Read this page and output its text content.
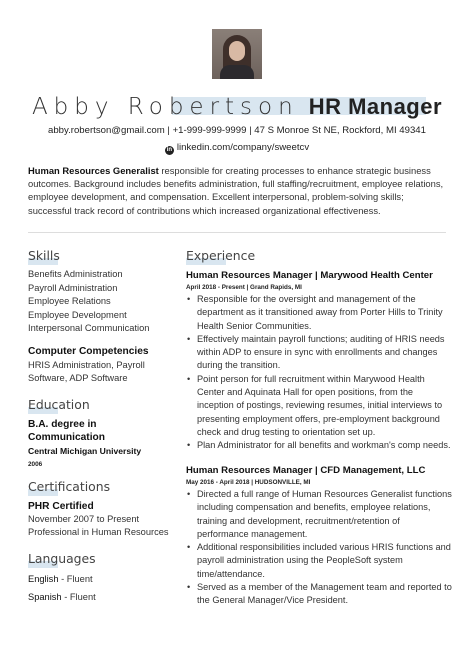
Abby Robertson HR Manager
abby.robertson@gmail.com | +1-999-999-9999 | 47 S Monroe St NE, Rockford, MI 49341
in linkedin.com/company/sweetcv
Human Resources Generalist responsible for creating processes to enhance strategic business outcomes. Background includes benefits administration, full staffing/recruitment, employee relations, employee development, and compensation. Excellent interpersonal, problem-solving skills; successful track record of contributions which increased organizational effectiveness.
Skills
Benefits Administration
Payroll Administration
Employee Relations
Employee Development
Interpersonal Communication
Computer Competencies
HRIS Administration, Payroll
Software, ADP Software
Education
B.A. degree in
Communication
Central Michigan University
2006
Certifications
PHR Certified
November 2007 to Present
Professional in Human Resources
Languages
English - Fluent
Spanish - Fluent
Experience
Human Resources Manager | Marywood Health Center
April 2018 - Present | Grand Rapids, MI
• Responsible for the oversight and management of the department as it transitioned away from Porter Hills to Trinity Health Senior Communities.
• Effectively maintain payroll functions; auditing of HRIS needs within ADP to ensure in sync with enrollments and changes during the transition.
• Point person for full recruitment within Marywood Health Center and Aquinata Hall for open positions, from the inception of postings, reviewing resumes, initial interviews to presenting employment offers, pre-employment background check and drug testing to orientation set up.
• Plan Administrator for all benefits and workman's comp needs.
Human Resources Manager | CFD Management, LLC
May 2016 - April 2018 | HUDSONVILLE, MI
• Directed a full range of Human Resources Generalist functions including compensation and benefits, employee relations, training and development, recruitment/retention of performance management.
• Additional responsibilities included various HRIS functions and payroll administration using the PeopleSoft system time/attendance.
• Served as a member of the Management team and reported to the General Manager/Vice President.
